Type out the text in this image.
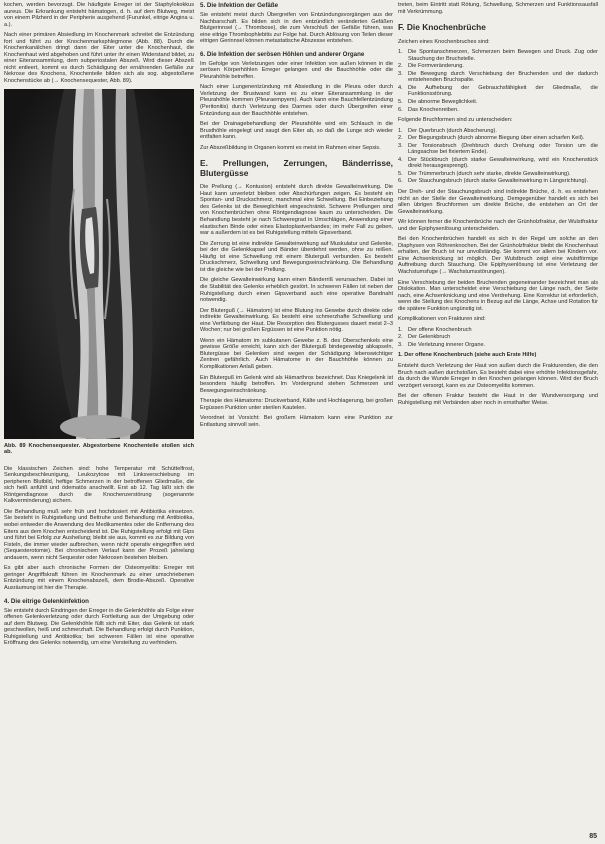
kochen, werden bevorzugt. Die häufigste Erreger ist der Staphylokokkus aureus. Die Erkrankung entsteht hämatogen, d. h. auf dem Blutweg, meist von einem Pilzherd in der Peripherie ausgehend (Furunkel, eitrige Angina u. a.).

Nach einer primären Absiedlung im Knochenmark schreitet die Entzündung fort und führt zu der Knochenmarksphlegmone (Abb. 88). Durch die Knochenkanälchen dringt dann der Eiter unter die Knochenhaut, die Knochenhaut wird abgehoben und führt unter ihr einen Widerstand bildet, zu einer Eiteransammlung, dem subperiostalen Abszeß. Wird dieser Abszeß nicht entleert, kommt es durch Schädigung der ernährenden Gefäße zur Nekrose des Knochens, Knochenteile bilden sich als sog. abgestoßene Knochenstücke ab (→ Knochensequester, Abb. 89).

Abb. 89 Knochensequester. Abgestorbene Knochenteile stoßen sich ab.

Die klassischen Zeichen sind: hohe Temperatur mit Schüttelfrost, Senkungsbeschleunigung, Leukozytose mit Linksverschiebung im peripheren Blutbild, heftige Schmerzen in der betroffenen Gliedmaße, die sich heiß anfühlt und ödematös anschwillt. Erst ab 12. Tag läßt sich die Röntgendiagnose durch die Knochenzerstörung (sogenannte Kalkverminderung) sichern.

Die Behandlung muß sehr früh und hochdosiert mit Antibiotika einsetzen. Sie besteht in Ruhigstellung und Bettruhe und Behandlung mit Antibiotika, wobei entweder die Anwendung des Medikamentes oder die Entfernung des Eiters aus dem Knochen entscheidend ist. Die Ruhigstellung erfolgt mit Gips und führt bei Erfolg zur Ausheilung; bleibt sie aus, kommt es zur Bildung von Fisteln, die immer wieder aufbrechen, wenn nicht operativ eingegriffen wird (Sequesterotomie). Bei chronischem Verlauf kann der Prozeß jahrelang andauern, wenn nicht Sequester oder Nekrosen bestehen bleiben.

Es gibt aber auch chronische Formen der Osteomyelitis: Erreger mit geringer Angriffskraft führen im Knochenmark zu einer umschriebenen Entzündung mit einem Knochenabszeß, dem Brodie-Abszeß. Operative Ausräumung ist hier die Therapie.

4. Die eitrige Gelenkinfektion

Sie entsteht durch Eindringen der Erreger in die Gelenkhöhle als Folge einer offenen Gelenkverletzung oder durch Fortleitung aus der Umgebung oder auf dem Blutweg. Die Gelenkhöhle füllt sich mit Eiter, das Gelenk ist stark geschwollen, heiß und schmerzhaft. Die Behandlung erfolgt durch Punktion, Ruhigstellung und Antibiotika; bei schweren Fällen ist eine operative Eröffnung des Gelenks notwendig, um eine Versteifung zu verhindern.

5. Die Infektion der Gefäße

Sie entsteht meist durch Übergreifen von Entzündungsvorgängen aus der Nachbarschaft. Es bilden sich in den entzündlich veränderten Gefäßen Blutgerinnsel (→ Thrombose), die zum Verschluß der Gefäße führen, was eine eitrige Thrombophlebitis zur Folge hat. Durch Ablösung von Teilen dieser eitrigen Gerinnsel können metastatische Abszesse entstehen.

6. Die Infektion der serösen Höhlen und anderer Organe

Im Gefolge von Verletzungen oder einer Infektion von außen können in die serösen Körperhöhlen Erreger gelangen und die Bauchhöhle oder die Pleurahöhle betreffen.

Nach einer Lungenentzündung mit Absiedlung in die Pleura oder durch Verletzung der Brustwand kann es zu einer Eiteransammlung in der Pleurahöhle kommen (Pleuraempyem). Auch kann eine Bauchfellentzündung (Peritonitis) durch Verletzung des Darmes oder durch Übergreifen einer Entzündung aus der Bauchhöhle entstehen.

Bei der Drainagebehandlung der Pleurahöhle wird ein Schlauch in die Brusthöhle eingelegt und saugt den Eiter ab, so daß die Lunge sich wieder entfalten kann.

Zur Abszeßbildung in Organen kommt es meist im Rahmen einer Sepsis.

E. Prellungen, Zerrungen, Bänderrisse, Blutergüsse

Die Prellung (→ Kontusion) entsteht durch direkte Gewalteinwirkung. Die Haut kann unverletzt bleiben oder Abschürfungen zeigen. Es besteht ein Spontan- und Druckschmerz, manchmal eine Schwellung. Bei Einbeziehung des Gelenks ist die Beweglichkeit eingeschränkt. Schwere Prellungen sind von Knochenbrüchen ohne Röntgendiagnose kaum zu unterscheiden. Die Behandlung besteht je nach Schweregrad in Umschlägen, Anwendung einer elastischen Binde oder eines Elastoplastverbandes; im mehr Fall zu geben, war a außerdem ist es bei Ruhigstellung mittels Gipsverband.

Die Zerrung ist eine indirekte Gewalteinwirkung auf Muskulatur und Gelenke, bei der die Gelenkkapsel und Bänder überdehnt werden, ohne zu reißen. Häufig ist eine Schwellung mit einem Bluterguß verbunden. Es besteht Druckschmerz, Schwellung und Bewegungseinschränkung. Die Behandlung ist die gleiche wie bei der Prellung.

Die gleiche Gewalteinwirkung kann einen Bänderriß verursachen. Dabei ist die Stabilität des Gelenks erheblich gestört. In schweren Fällen ist neben der Ruhigstellung durch einen Gipsverband auch eine operative Bandnaht notwendig.

Der Bluterguß (→ Hämatom) ist eine Blutung ins Gewebe durch direkte oder indirekte Gewalteinwirkung. Es besteht eine schmerzhafte Schwellung und eine Verfärbung der Haut. Die Resorption des Blutergusses dauert meist 2–3 Wochen; nur bei großen Ergüssen ist eine Punktion nötig.

Wenn ein Hämatom im subkutanen Gewebe z. B. des Oberschenkels eine gewisse Größe erreicht, kann sich der Bluterguß bindegewebig abkapseln, Blutergüsse bei Gelenken sind wegen der Schädigung lebenswichtiger Zentren gefährlich. Auch Hämatome in der Bauchhöhle können zu Komplikationen Anlaß geben.

Ein Bluterguß im Gelenk wird als Hämarthros bezeichnet. Das Kniegelenk ist besonders häufig betroffen. Im Vordergrund stehen Schmerzen und Bewegungseinschränkung.

Therapie des Hämatoms: Druckverband, Kälte und Hochlagerung, bei großen Ergüssen Punktion unter sterilen Kautelen.

Verordnet ist Vorsicht: Bei großem Hämatom kann eine Punktion zur Entlastung sinnvoll sein.

treten, beim Eintritt statt Rötung, Schwellung, Schmerzen und Funktionsausfall mit Verkrümmung.

F. Die Knochenbrüche

Zeichen eines Knochenbruches sind:

1. Die Spontanschmerzen, Schmerzen beim Bewegen und Druck. Zug oder Stauchung der Bruchstelle.
2. Die Formveränderung.
3. Die Bewegung durch Verschiebung der Bruchenden und der dadurch entstehenden Bruchspalte.
4. Die Aufhebung der Gebrauchsfähigkeit der Gliedmaße, die Funktionsstörung.
5. Die abnorme Beweglichkeit.
6. Das Knochenreiben.

Folgende Bruchformen sind zu unterscheiden:

1. Der Querbruch (durch Abscherung).
2. Der Biegungsbruch (durch abnorme Biegung über einen scharfen Keil).
3. Der Torsionsbruch (Drehbruch durch Drehung oder Torsion um die Längsachse bei fixiertem Ende).
4. Der Stückbruch (durch starke Gewalteinwirkung, wird ein Knochenstück direkt herausgesprengt).
5. Der Trümmerbruch (durch sehr starke, direkte Gewalteinwirkung).
6. Der Stauchungsbruch (durch starke Gewalteinwirkung in Längsrichtung).

Der Dreh- und der Stauchungsbruch sind indirekte Brüche, d. h. es entstehen nicht an der Stelle der Gewalteinwirkung. Demgegenüber handelt es sich bei allen übrigen Bruchformen um direkte Brüche, die entstehen an Ort der Gewalteinwirkung.

Wir können ferner die Knochenbrüche nach der Grünholzfraktur, der Wulstfraktur und der Epiphysenlösung unterscheiden.

Bei den Knochenbrüchen handelt es sich in der Regel um solche an den Diaphysen von Röhrenknochen. Bei der Grünholzfraktur bleibt die Knochenhaut erhalten, der Bruch ist nur unvollständig. Sie kommt vor allem bei Kindern vor. Eine Achsenknickung ist möglich. Der Wulstbruch zeigt eine wulstförmige Auftreibung durch Stauchung. Die Epiphysenlösung ist eine Verletzung der Wachstumsfuge (→ Wachstumsstörungen).

Eine Verschiebung der beiden Bruchenden gegeneinander bezeichnet man als Dislokation. Man unterscheidet eine Verschiebung der Länge nach, der Seite nach, eine Achsenknickung und eine Verdrehung. Eine Korrektur ist erforderlich, wenn die Stellung des Knochens in Bezug auf die Länge, Achse und Rotation für die spätere Funktion ungünstig ist.

Komplikationen von Frakturen sind:

1. Der offene Knochenbruch
2. Der Gelenkbruch
3. Die Verletzung innerer Organe.

1. Der offene Knochenbruch (siehe auch Erste Hilfe)

Entsteht durch Verletzung der Haut von außen durch die Frakturenden, die den Bruch nach außen durchstoßen. Es besteht dabei eine erhöhte Infektionsgefahr, da durch die Wunde Erreger in den Knochen gelangen können. Wird der Bruch verzögert versorgt, kann es zur Osteomyelitis kommen.

Bei der offenen Fraktur besteht die Haut in der Wundversorgung und Ruhigstellung mit Verbänden aber noch in ernsthafter Weise.

85
